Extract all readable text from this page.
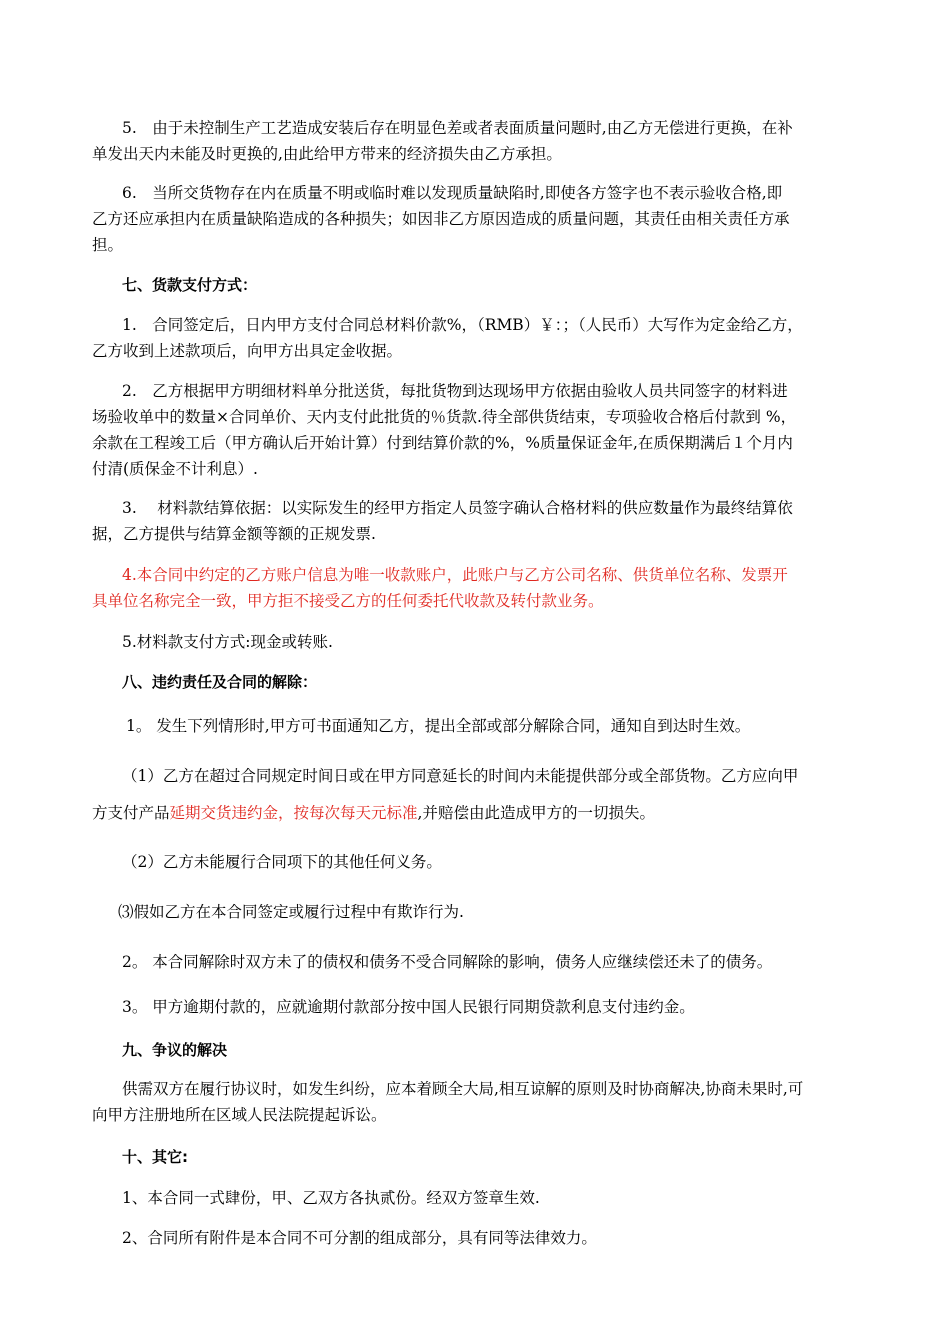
5.　由于未控制生产工艺造成安装后存在明显色差或者表面质量问题时,由乙方无偿进行更换，在补
单发出天内未能及时更换的,由此给甲方带来的经济损失由乙方承担。
6.　当所交货物存在内在质量不明或临时难以发现质量缺陷时,即使各方签字也不表示验收合格,即
乙方还应承担内在质量缺陷造成的各种损失；如因非乙方原因造成的质量问题，其责任由相关责任方承
担。
七、货款支付方式：
1.　合同签定后，日内甲方支付合同总材料价款%，（RMB）￥：；（人民币）大写作为定金给乙方，
乙方收到上述款项后，向甲方出具定金收据。
2.　乙方根据甲方明细材料单分批送货，每批货物到达现场甲方依据由验收人员共同签字的材料进
场验收单中的数量×合同单价、天内支付此批货的％货款.待全部供货结束，专项验收合格后付款到 %，
余款在工程竣工后（甲方确认后开始计算）付到结算价款的%，%质量保证金年,在质保期满后１个月内
付清(质保金不计利息）.
3.　 材料款结算依据：以实际发生的经甲方指定人员签字确认合格材料的供应数量作为最终结算依
据，乙方提供与结算金额等额的正规发票.
4.本合同中约定的乙方账户信息为唯一收款账户，此账户与乙方公司名称、供货单位名称、发票开
具单位名称完全一致，甲方拒不接受乙方的任何委托代收款及转付款业务。
5.材料款支付方式:现金或转账.
八、违约责任及合同的解除：
1。 发生下列情形时,甲方可书面通知乙方，提出全部或部分解除合同，通知自到达时生效。
（1）乙方在超过合同规定时间日或在甲方同意延长的时间内未能提供部分或全部货物。乙方应向甲
方支付产品延期交货违约金，按每次每天元标准,并赔偿由此造成甲方的一切损失。
（2）乙方未能履行合同项下的其他任何义务。
⑶假如乙方在本合同签定或履行过程中有欺诈行为.
2。 本合同解除时双方未了的债权和债务不受合同解除的影响，债务人应继续偿还未了的债务。
3。 甲方逾期付款的，应就逾期付款部分按中国人民银行同期贷款利息支付违约金。
九、争议的解决
供需双方在履行协议时，如发生纠纷，应本着顾全大局,相互谅解的原则及时协商解决,协商未果时,可
向甲方注册地所在区域人民法院提起诉讼。
十、其它:
1、本合同一式肆份，甲、乙双方各执贰份。经双方签章生效.
2、合同所有附件是本合同不可分割的组成部分，具有同等法律效力。
